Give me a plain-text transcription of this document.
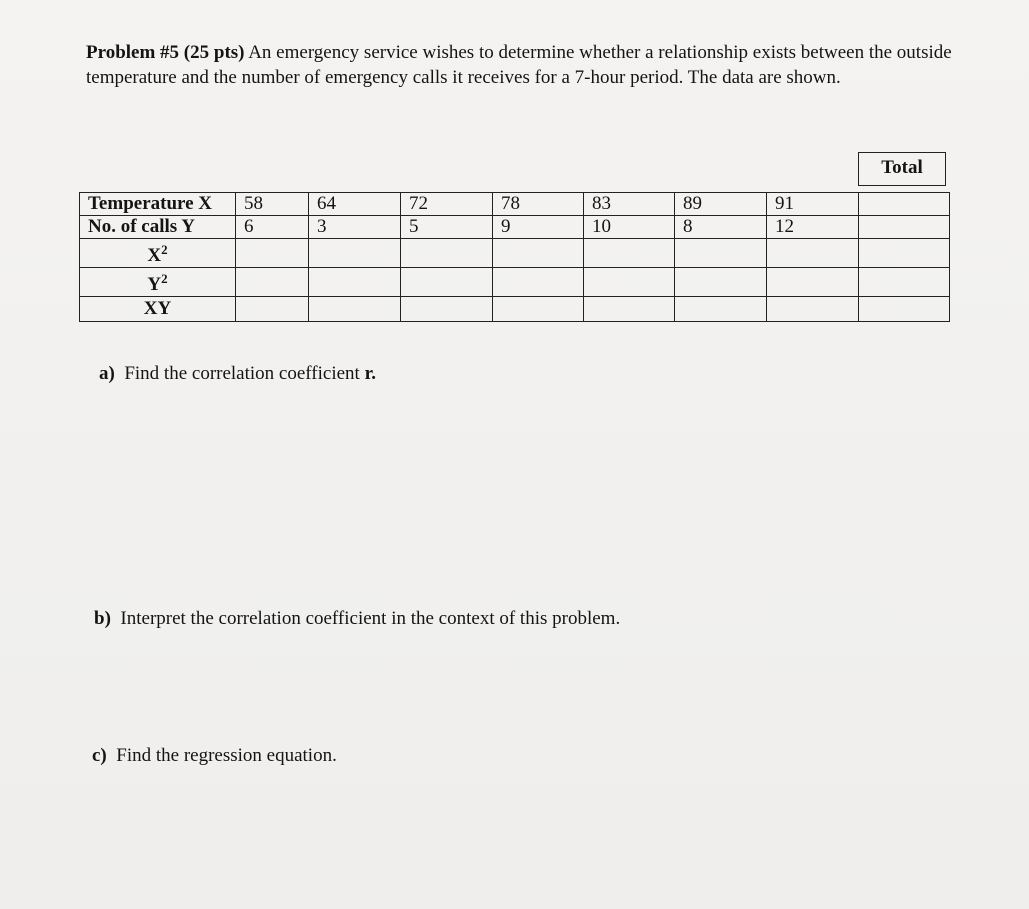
Problem #5 (25 pts) An emergency service wishes to determine whether a relationship exists between the outside temperature and the number of emergency calls it receives for a 7-hour period. The data are shown.
Total
Temperature X	58	64	72	78	83	89	91	
No. of calls Y	6	3	5	9	10	8	12	
$X^2$								
$Y^2$								
XY								
a) Find the correlation coefficient r.
b) Interpret the correlation coefficient in the context of this problem.
c) Find the regression equation.
